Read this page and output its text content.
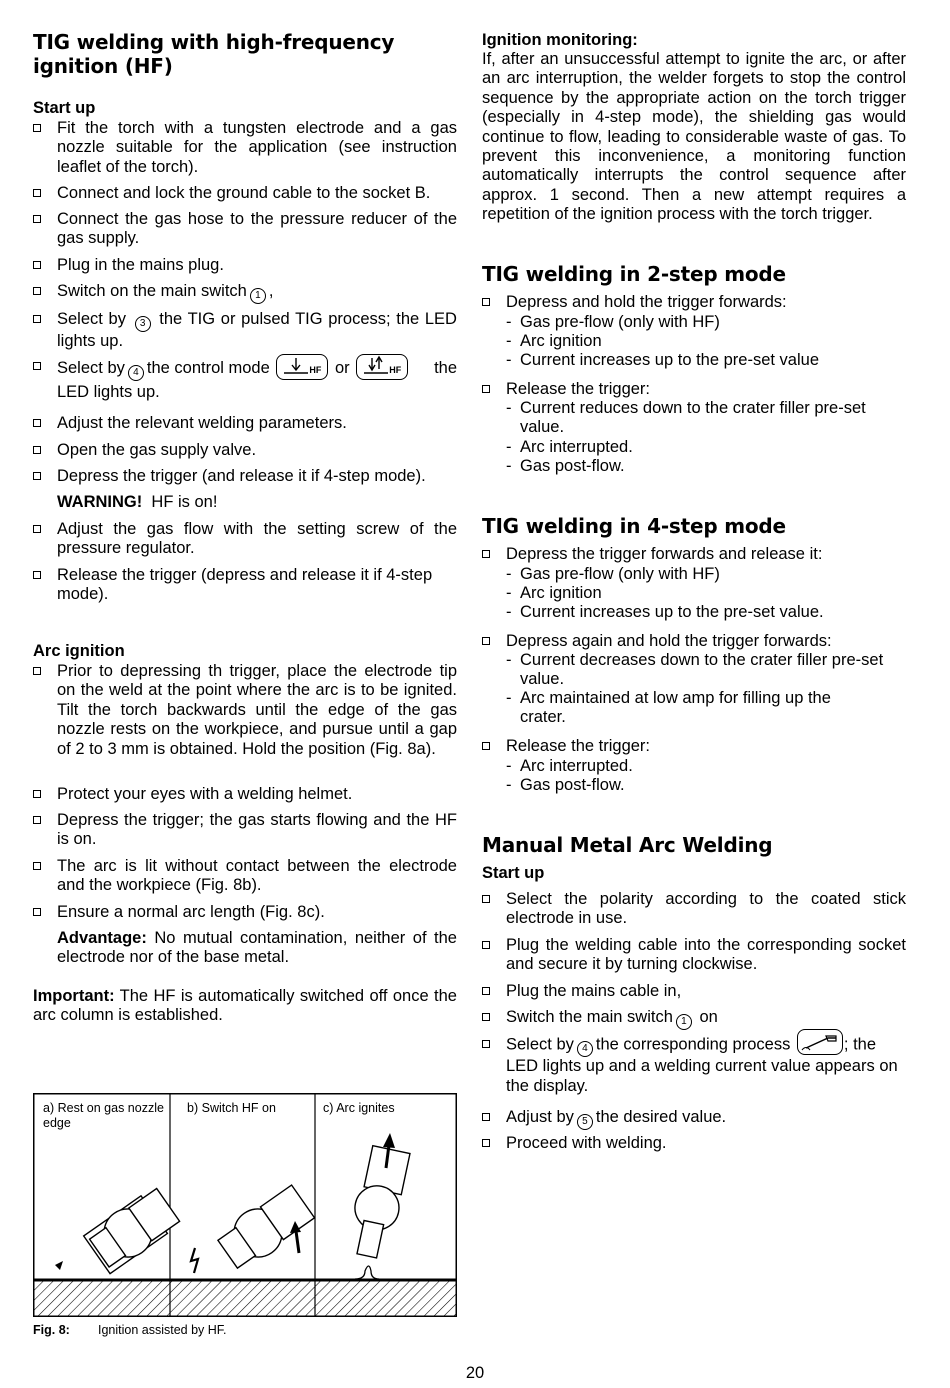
TIG welding with high-frequency ignition (HF)
Start up
Fit the torch with a tungsten electrode and a gas nozzle suitable for the application (see instruction leaflet of the torch).
Connect and lock the ground cable to the socket B.
Connect the gas hose to the pressure reducer of the gas supply.
Plug in the mains plug.
Switch on the main switch 1 ,
Select by 3 the TIG or pulsed TIG process; the LED lights up.
Select by 4 the control mode	HF or	HF the

LED lights up.
Adjust the relevant welding parameters.
Open the gas supply valve.
Depress the trigger (and release it if 4-step mode).
WARNING! HF is on!
Adjust the gas flow with the setting screw of the pressure regulator.
Release the trigger (depress and release it if 4-step mode).
Arc ignition
Prior to depressing th trigger, place the electrode tip on the weld at the point where the arc is to be ignited. Tilt the torch backwards until the edge of the gas nozzle rests on the workpiece, and pursue until a gap of 2 to 3 mm is obtained. Hold the position (Fig. 8a).
Protect your eyes with a welding helmet.
Depress the trigger; the gas starts flowing and the HF is on.
The arc is lit without contact between the electrode and the workpiece (Fig. 8b).
Ensure a normal arc length (Fig. 8c).
Advantage: No mutual contamination, neither of the electrode nor of the base metal.
Important: The HF is automatically switched off once the arc column is established.
a) Rest on gas nozzle edge
b) Switch HF on	c) Arc ignites
Fig. 8: Ignition assisted by HF.
Ignition monitoring:
If, after an unsuccessful attempt to ignite the arc, or after an arc interruption, the welder forgets to stop the control sequence by the appropriate action on the torch trigger (especially in 4-step mode), the shielding gas would continue to flow, leading to considerable waste of gas. To prevent this inconvenience, a monitoring function automatically interrupts the control sequence after approx. 1 second. Then a new attempt requires a repetition of the ignition process with the torch trigger.
TIG welding in 2-step mode
Depress and hold the trigger forwards:
- Gas pre-flow (only with HF)
- Arc ignition
- Current increases up to the pre-set value
Release the trigger:
- Current reduces down to the crater filler pre-set value.
- Arc interrupted.
- Gas post-flow.
TIG welding in 4-step mode
Depress the trigger forwards and release it:
- Gas pre-flow (only with HF)
- Arc ignition
- Current increases up to the pre-set value.
Depress again and hold the trigger forwards:
- Current decreases down to the crater filler pre-set value.
- Arc maintained at low amp for filling up the crater.
Release the trigger:
- Arc interrupted.
- Gas post-flow.
Manual Metal Arc Welding
Start up
Select the polarity according to the coated stick electrode in use.
Plug the welding cable into the corresponding socket and secure it by turning clockwise.
Plug the mains cable in,
Switch the main switch 1 on
Select by 4 the corresponding process	; the LED lights up and a welding current value appears on the display.
Adjust by 5 the desired value.
Proceed with welding.
20
